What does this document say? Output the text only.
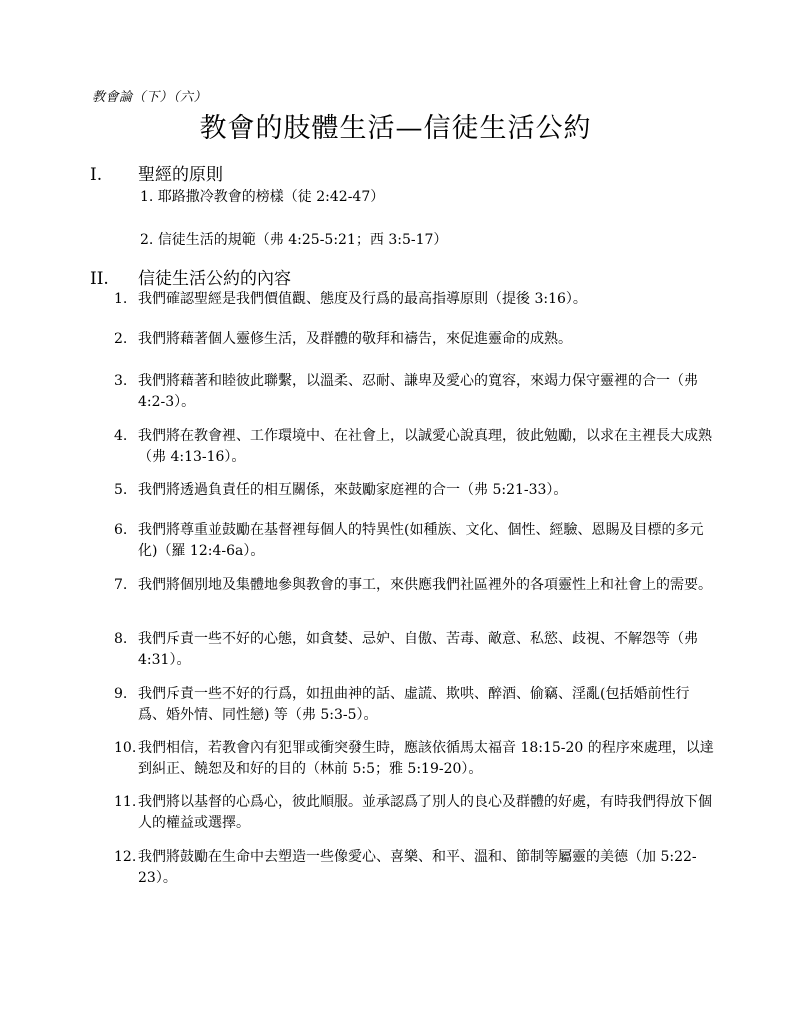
教會論（下）（六）
教會的肢體生活—信徒生活公約
I. 聖經的原則
1. 耶路撒冷教會的榜樣（徒 2:42-47）
2. 信徒生活的規範（弗 4:25-5:21；西 3:5-17）
II. 信徒生活公約的內容
1. 我們確認聖經是我們價值觀、態度及行爲的最高指導原則（提後 3:16）。
2. 我們將藉著個人靈修生活，及群體的敬拜和禱告，來促進靈命的成熟。
3. 我們將藉著和睦彼此聯繫，以溫柔、忍耐、謙卑及愛心的寬容，來竭力保守靈裡的合一（弗 4:2-3）。
4. 我們將在教會裡、工作環境中、在社會上，以誠愛心說真理，彼此勉勵，以求在主裡長大成熟（弗 4:13-16）。
5. 我們將透過負責任的相互關係，來鼓勵家庭裡的合一（弗 5:21-33）。
6. 我們將尊重並鼓勵在基督裡每個人的特異性(如種族、文化、個性、經驗、恩賜及目標的多元化)（羅 12:4-6a）。
7. 我們將個別地及集體地參與教會的事工，來供應我們社區裡外的各項靈性上和社會上的需要。
8. 我們斥責一些不好的心態，如貪婪、忌妒、自傲、苦毒、敵意、私慾、歧視、不解怨等（弗 4:31）。
9. 我們斥責一些不好的行爲，如扭曲神的話、虛謊、欺哄、醉酒、偷竊、淫亂(包括婚前性行爲、婚外情、同性戀) 等（弗 5:3-5）。
10. 我們相信，若教會內有犯罪或衝突發生時，應該依循馬太福音 18:15-20 的程序來處理，以達到糾正、饒恕及和好的目的（林前 5:5；雅 5:19-20）。
11. 我們將以基督的心爲心，彼此順服。並承認爲了別人的良心及群體的好處，有時我們得放下個人的權益或選擇。
12. 我們將鼓勵在生命中去塑造一些像愛心、喜樂、和平、溫和、節制等屬靈的美德（加 5:22-23）。
